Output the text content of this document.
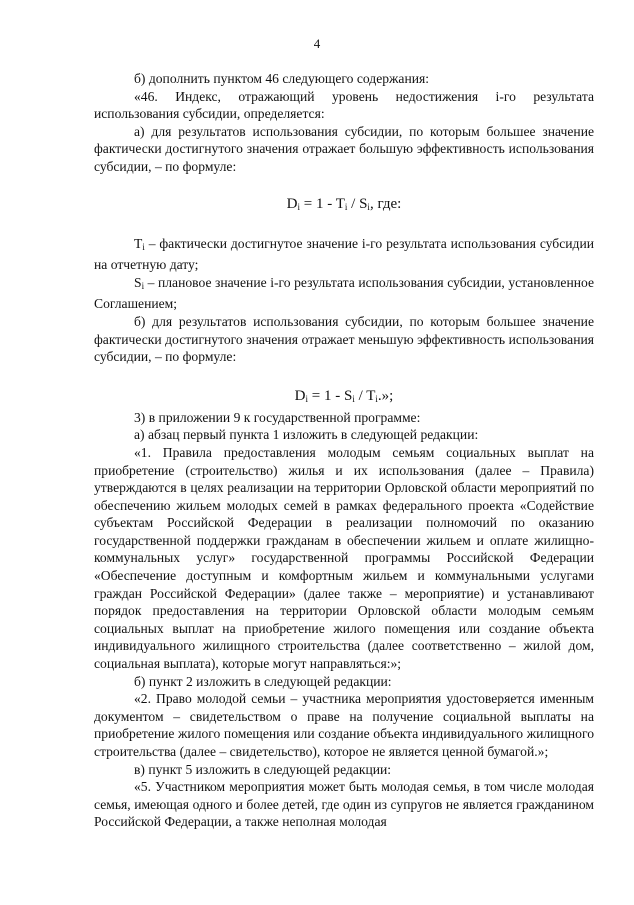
4

б) дополнить пунктом 46 следующего содержания:

«46. Индекс, отражающий уровень недостижения i-го результата использования субсидии, определяется:

а) для результатов использования субсидии, по которым большее значение фактически достигнутого значения отражает большую эффективность использования субсидии, – по формуле:

$D_i = 1 - T_i / S_i$, где:

$T_i$ – фактически достигнутое значение i-го результата использования субсидии на отчетную дату;

$S_i$ – плановое значение i-го результата использования субсидии, установленное Соглашением;

б) для результатов использования субсидии, по которым большее значение фактически достигнутого значения отражает меньшую эффективность использования субсидии, – по формуле:

$D_i = 1 - S_i / T_i$.»;

3) в приложении 9 к государственной программе:

а) абзац первый пункта 1 изложить в следующей редакции:

«1. Правила предоставления молодым семьям социальных выплат на приобретение (строительство) жилья и их использования (далее – Правила) утверждаются в целях реализации на территории Орловской области мероприятий по обеспечению жильем молодых семей в рамках федерального проекта «Содействие субъектам Российской Федерации в реализации полномочий по оказанию государственной поддержки гражданам в обеспечении жильем и оплате жилищно-коммунальных услуг» государственной программы Российской Федерации «Обеспечение доступным и комфортным жильем и коммунальными услугами граждан Российской Федерации» (далее также – мероприятие) и устанавливают порядок предоставления на территории Орловской области молодым семьям социальных выплат на приобретение жилого помещения или создание объекта индивидуального жилищного строительства (далее соответственно – жилой дом, социальная выплата), которые могут направляться:»;

б) пункт 2 изложить в следующей редакции:

«2. Право молодой семьи – участника мероприятия удостоверяется именным документом – свидетельством о праве на получение социальной выплаты на приобретение жилого помещения или создание объекта индивидуального жилищного строительства (далее – свидетельство), которое не является ценной бумагой.»;

в) пункт 5 изложить в следующей редакции:

«5. Участником мероприятия может быть молодая семья, в том числе молодая семья, имеющая одного и более детей, где один из супругов не является гражданином Российской Федерации, а также неполная молодая
